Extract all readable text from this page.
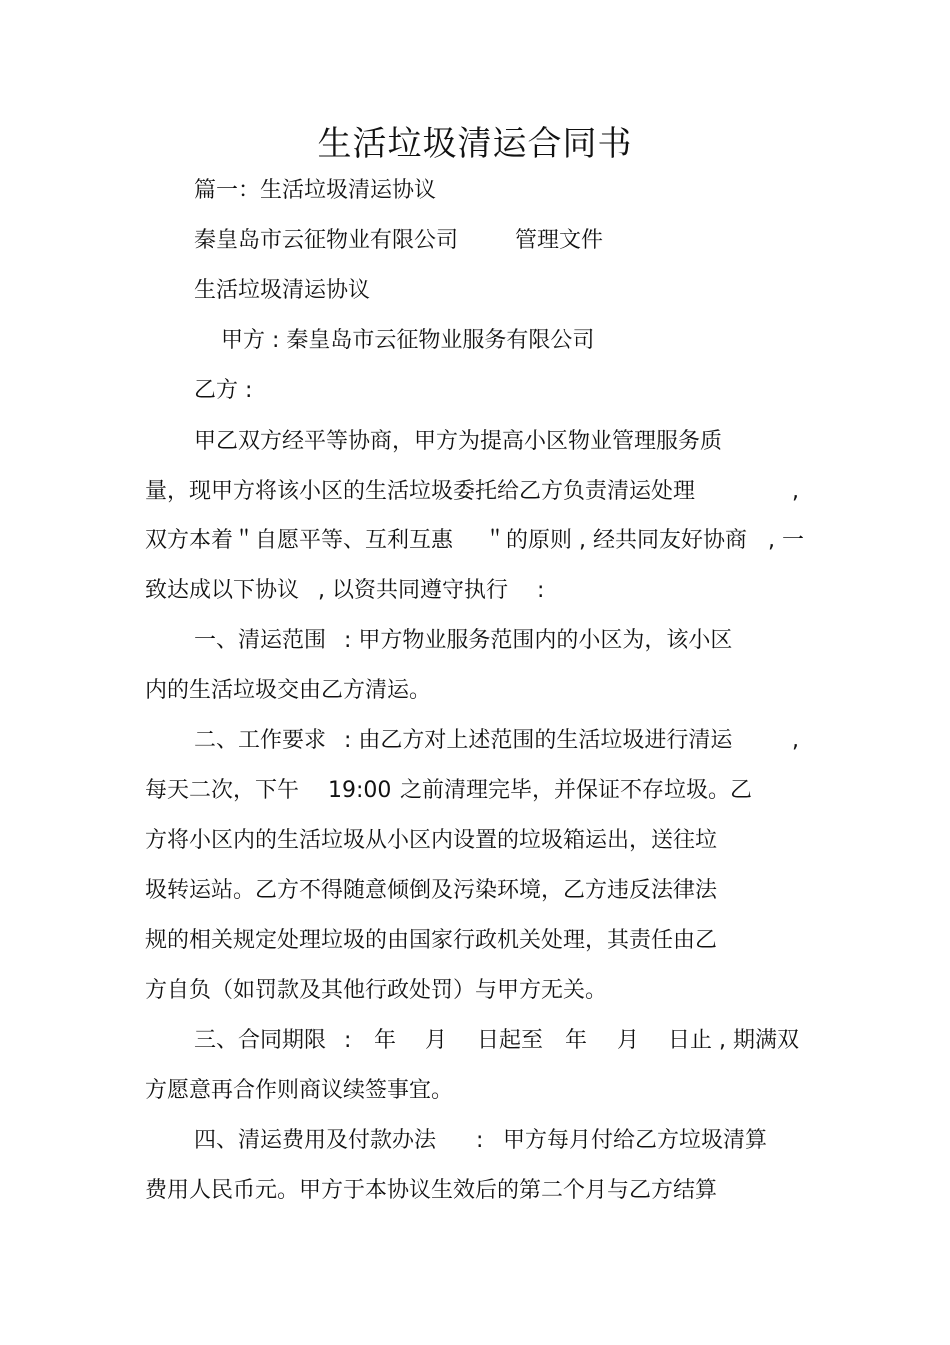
生活垃圾清运合同书
篇一：生活垃圾清运协议
秦皇岛市云征物业有限公司	管理文件
生活垃圾清运协议
甲方 : 秦皇岛市云征物业服务有限公司
乙方 :
甲乙双方经平等协商，甲方为提高小区物业管理服务质
量，现甲方将该小区的生活垃圾委托给乙方负责清运处理	,
双方本着＂自愿平等、互利互惠 ＂的原则 , 经共同友好协商 , 一
致达成以下协议 , 以资共同遵守执行 :
一、清运范围 : 甲方物业服务范围内的小区为，该小区
内的生活垃圾交由乙方清运。
二、工作要求 : 由乙方对上述范围的生活垃圾进行清运	,
每天二次，下午 19:00 之前清理完毕，并保证不存垃圾。乙
方将小区内的生活垃圾从小区内设置的垃圾箱运出，送往垃
圾转运站。乙方不得随意倾倒及污染环境，乙方违反法律法
规的相关规定处理垃圾的由国家行政机关处理，其责任由乙
方自负（如罚款及其他行政处罚）与甲方无关。
三、合同期限 : 年 月 日起至 年 月 日止 , 期满双
方愿意再合作则商议续签事宜。
四、清运费用及付款办法 : 甲方每月付给乙方垃圾清算
费用人民币元。甲方于本协议生效后的第二个月与乙方结算
